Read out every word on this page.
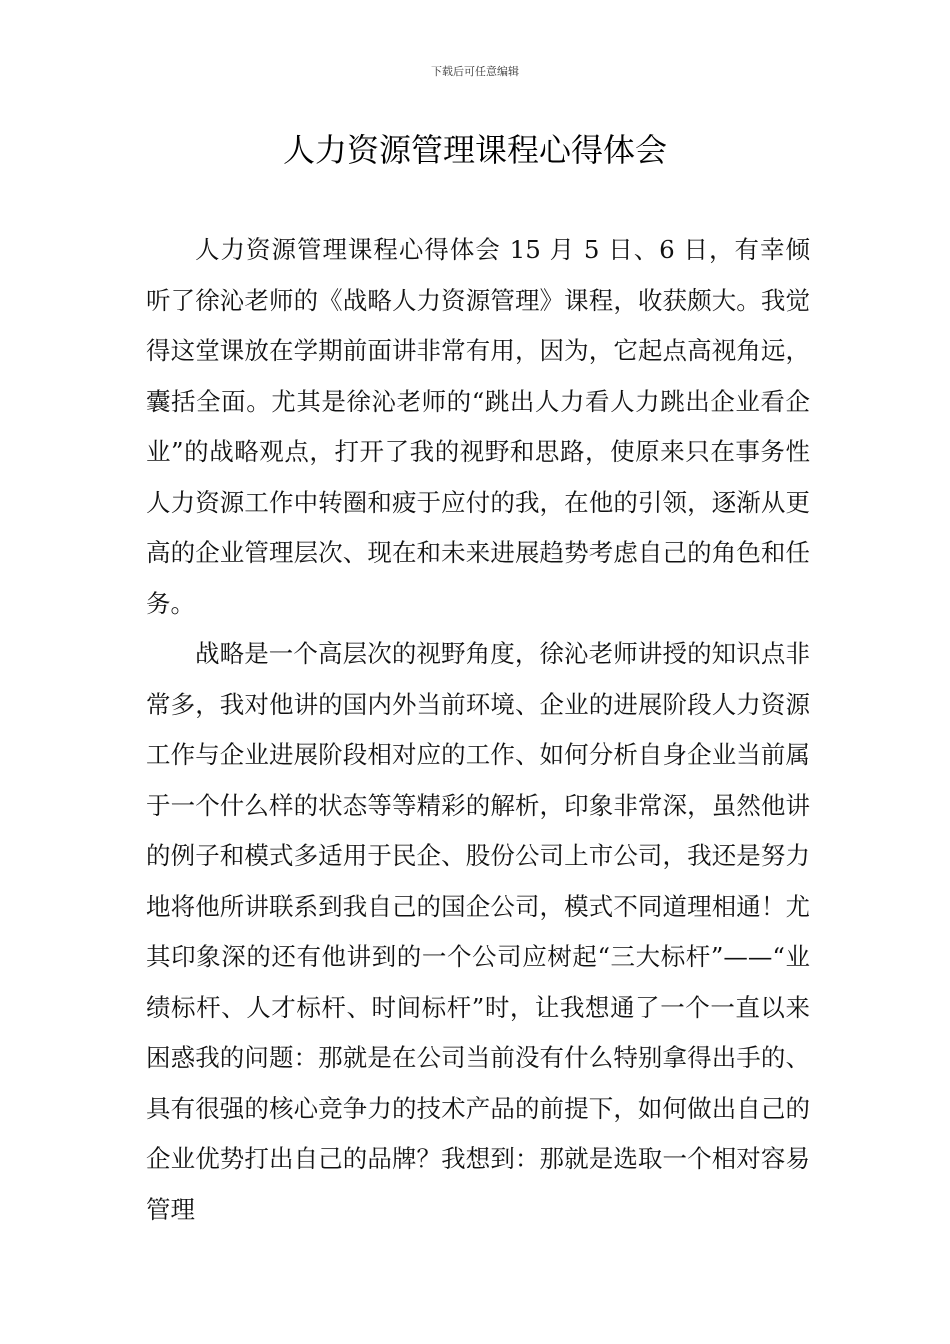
下载后可任意编辑
人力资源管理课程心得体会

人力资源管理课程心得体会 15 月 5 日、6 日，有幸倾听了徐沁老师的《战略人力资源管理》课程，收获颇大。我觉得这堂课放在学期前面讲非常有用，因为，它起点高视角远，囊括全面。尤其是徐沁老师的“跳出人力看人力跳出企业看企业”的战略观点，打开了我的视野和思路，使原来只在事务性人力资源工作中转圈和疲于应付的我，在他的引领，逐渐从更高的企业管理层次、现在和未来进展趋势考虑自己的角色和任务。

战略是一个高层次的视野角度，徐沁老师讲授的知识点非常多，我对他讲的国内外当前环境、企业的进展阶段人力资源工作与企业进展阶段相对应的工作、如何分析自身企业当前属于一个什么样的状态等等精彩的解析，印象非常深，虽然他讲的例子和模式多适用于民企、股份公司上市公司，我还是努力地将他所讲联系到我自己的国企公司，模式不同道理相通！尤其印象深的还有他讲到的一个公司应树起“三大标杆”——“业绩标杆、人才标杆、时间标杆”时，让我想通了一个一直以来困惑我的问题：那就是在公司当前没有什么特别拿得出手的、具有很强的核心竞争力的技术产品的前提下，如何做出自己的企业优势打出自己的品牌？我想到：那就是选取一个相对容易管理
